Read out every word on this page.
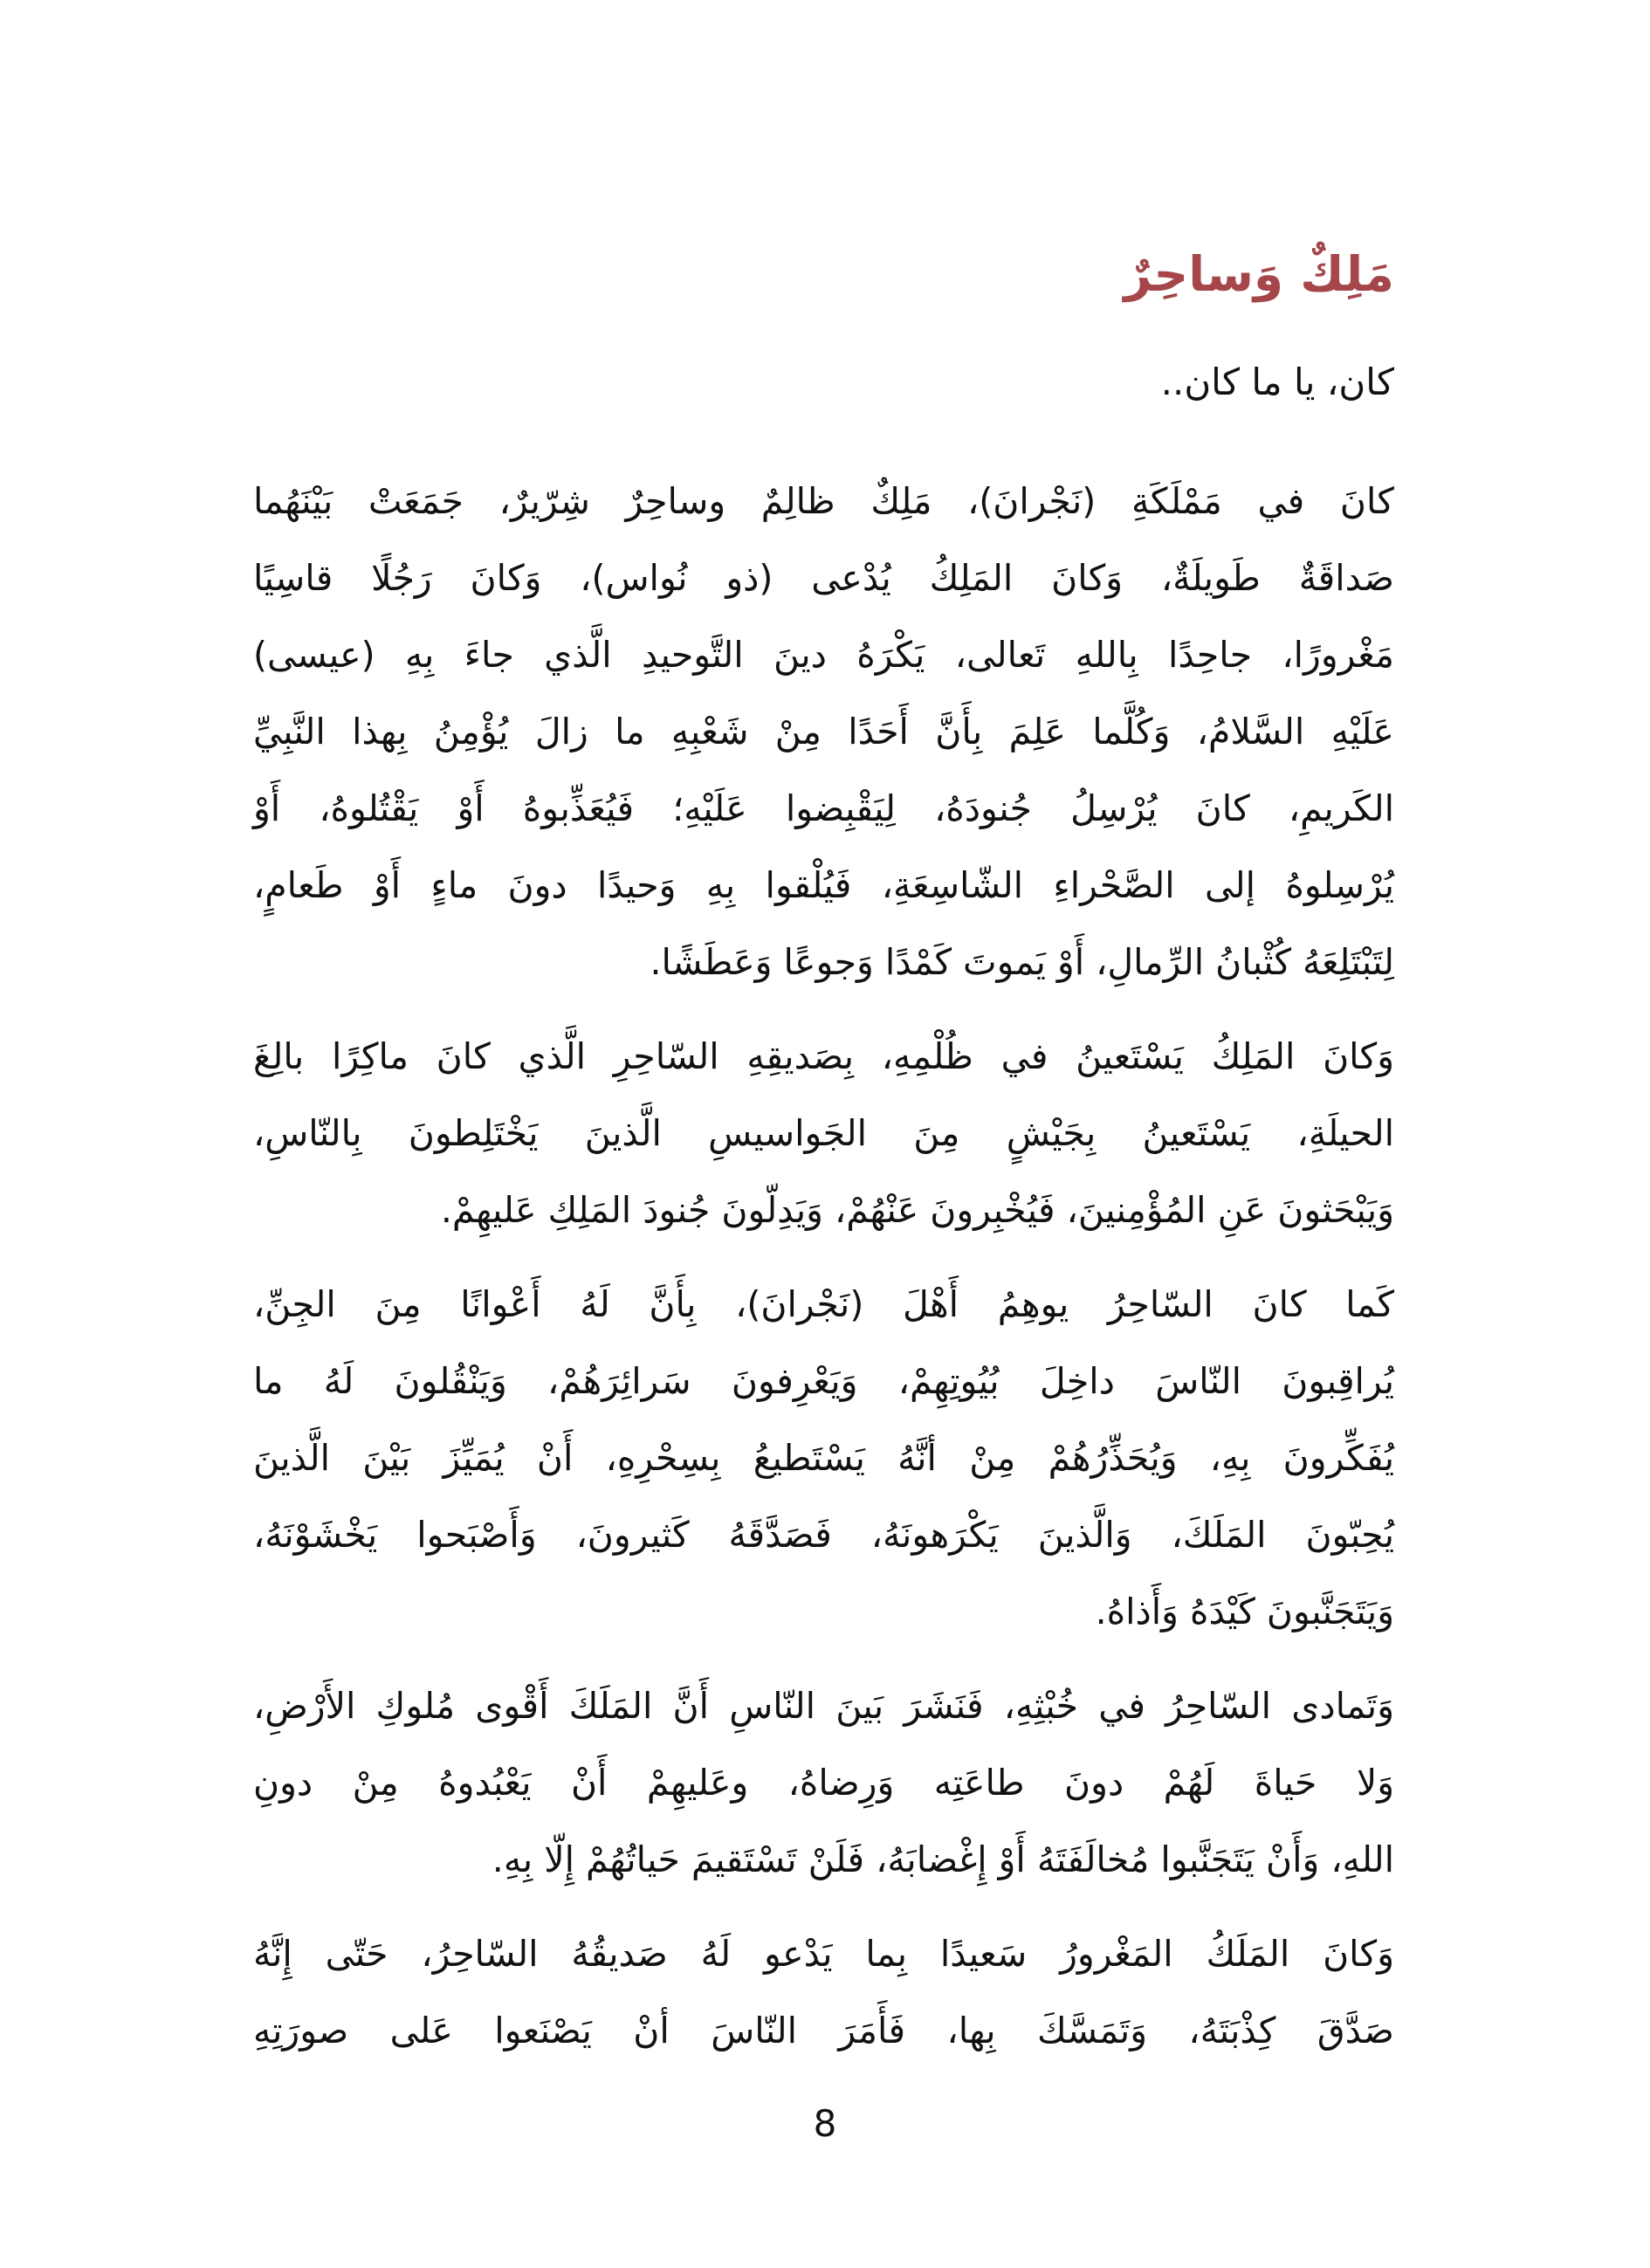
مَلِكٌ وَساحِرٌ
كان، يا ما كان..
كانَ في مَمْلَكَةِ (نَجْرانَ)، مَلِكٌ ظالِمٌ وساحِرٌ شِرّيرٌ، جَمَعَتْ بَيْنَهُما
صَداقَةٌ طَويلَةٌ، وَكانَ المَلِكُ يُدْعى (ذو نُواس)، وَكانَ رَجُلًا قاسِيًا
مَغْرورًا، جاحِدًا بِاللهِ تَعالى، يَكْرَهُ دينَ التَّوحيدِ الَّذي جاءَ بِهِ (عيسى)
عَلَيْهِ السَّلامُ، وَكُلَّما عَلِمَ بِأَنَّ أَحَدًا مِنْ شَعْبِهِ ما زالَ يُؤْمِنُ بِهذا النَّبِيِّ
الكَريمِ، كانَ يُرْسِلُ جُنودَهُ، لِيَقْبِضوا عَلَيْهِ؛ فَيُعَذِّبوهُ أَوْ يَقْتُلوهُ، أَوْ
يُرْسِلوهُ إلى الصَّحْراءِ الشّاسِعَةِ، فَيُلْقوا بِهِ وَحيدًا دونَ ماءٍ أَوْ طَعامٍ،
لِتَبْتَلِعَهُ كُثْبانُ الرِّمالِ، أَوْ يَموتَ كَمْدًا وَجوعًا وَعَطَشًا.
وَكانَ المَلِكُ يَسْتَعينُ في ظُلْمِهِ، بِصَديقِهِ السّاحِرِ الَّذي كانَ ماكِرًا بالِغَ
الحيلَةِ، يَسْتَعينُ بِجَيْشٍ مِنَ الجَواسيسِ الَّذينَ يَخْتَلِطونَ بِالنّاسِ،
وَيَبْحَثونَ عَنِ المُؤْمِنينَ، فَيُخْبِرونَ عَنْهُمْ، وَيَدِلّونَ جُنودَ المَلِكِ عَليهِمْ.
كَما كانَ السّاحِرُ يوهِمُ أَهْلَ (نَجْرانَ)، بِأَنَّ لَهُ أَعْوانًا مِنَ الجِنِّ،
يُراقِبونَ النّاسَ داخِلَ بُيُوتِهِمْ، وَيَعْرِفونَ سَرائِرَهُمْ، وَيَنْقُلونَ لَهُ ما
يُفَكِّرونَ بِهِ، وَيُحَذِّرُهُمْ مِنْ أنَّهُ يَسْتَطيعُ بِسِحْرِهِ، أَنْ يُمَيِّزَ بَيْنَ الَّذينَ
يُحِبّونَ المَلَكَ، وَالَّذينَ يَكْرَهونَهُ، فَصَدَّقَهُ كَثيرونَ، وَأَصْبَحوا يَخْشَوْنَهُ،
وَيَتَجَنَّبونَ كَيْدَهُ وَأَذاهُ.
وَتَمادى السّاحِرُ في خُبْثِهِ، فَنَشَرَ بَينَ النّاسِ أَنَّ المَلَكَ أَقْوى مُلوكِ الأَرْضِ،
وَلا حَياةَ لَهُمْ دونَ طاعَتِه وَرِضاهُ، وعَليهِمْ أَنْ يَعْبُدوهُ مِنْ دونِ
اللهِ، وَأَنْ يَتَجَنَّبوا مُخالَفَتَهُ أَوْ إِغْضابَهُ، فَلَنْ تَسْتَقيمَ حَياتُهُمْ إِلّا بِهِ.
وَكانَ المَلَكُ المَغْرورُ سَعيدًا بِما يَدْعو لَهُ صَديقُهُ السّاحِرُ، حَتّى إِنَّهُ
صَدَّقَ كِذْبَتَهُ، وَتَمَسَّكَ بِها، فَأَمَرَ النّاسَ أنْ يَصْنَعوا عَلى صورَتِهِ
8
